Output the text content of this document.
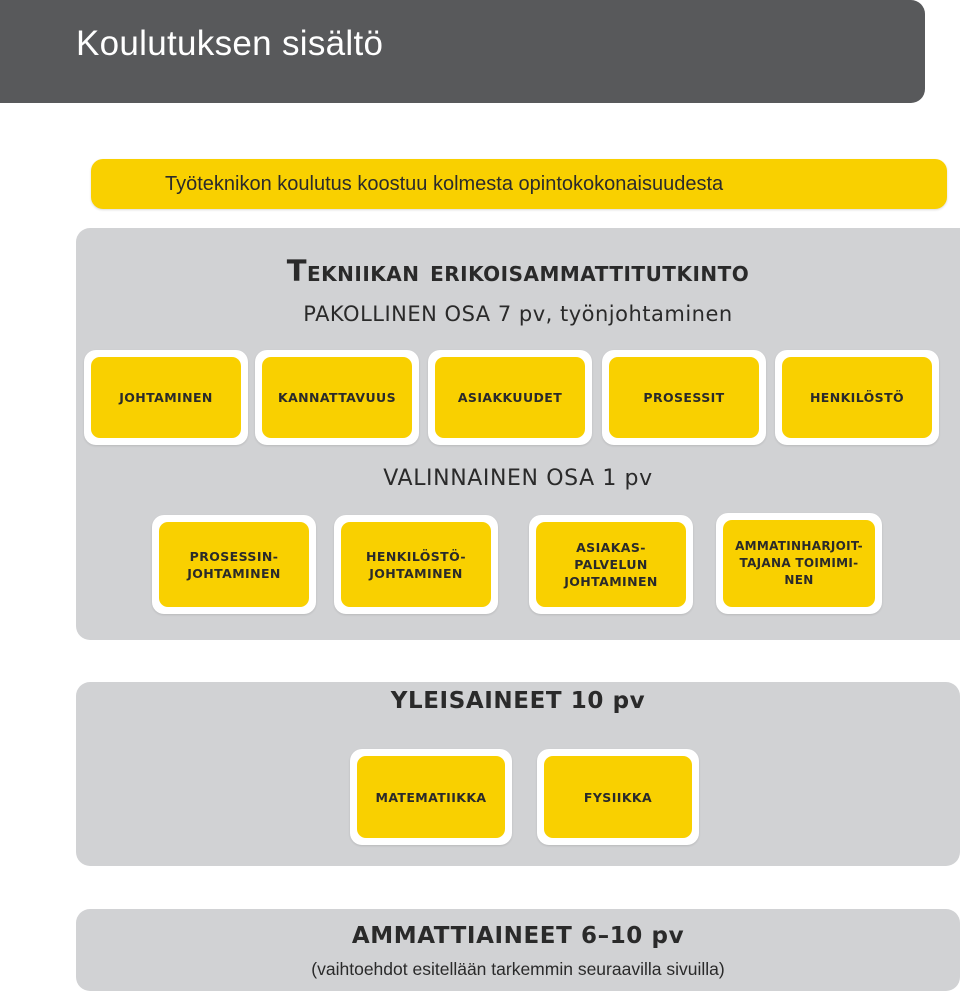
Koulutuksen sisältö
Työteknikon koulutus koostuu kolmesta opintokokonaisuudesta
Tekniikan erikoisammattitutkinto
PAKOLLINEN OSA 7 pv, työnjohtaminen
JOHTAMINEN	KANNATTAVUUS	ASIAKKUUDET	PROSESSIT	HENKILÖSTÖ
VALINNAINEN OSA 1 pv
PROSESSIN-
JOHTAMINEN
HENKILÖSTÖ-
JOHTAMINEN
ASIAKAS-
PALVELUN
JOHTAMINEN
AMMATINHARJOIT-
TAJANA TOIMIMI-
NEN
YLEISAINEET 10 pv
MATEMATIIKKA	FYSIIKKA
AMMATTIAINEET 6–10 pv
(vaihtoehdot esitellään tarkemmin seuraavilla sivuilla)
